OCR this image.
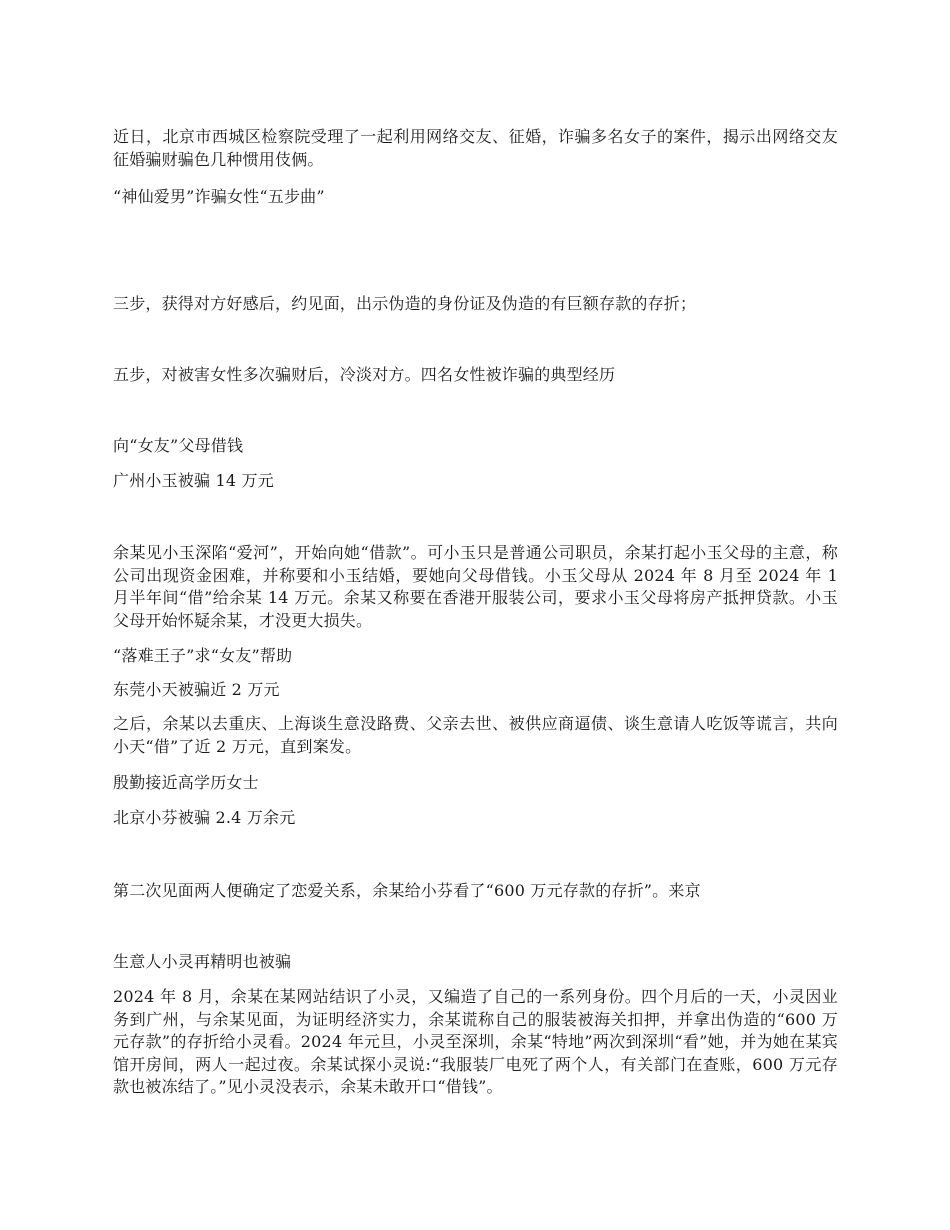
近日，北京市西城区检察院受理了一起利用网络交友、征婚，诈骗多名女子的案件，揭示出网络交友征婚骗财骗色几种惯用伎俩。

“神仙爱男”诈骗女性“五步曲”

三步，获得对方好感后，约见面，出示伪造的身份证及伪造的有巨额存款的存折；

五步，对被害女性多次骗财后，冷淡对方。四名女性被诈骗的典型经历

向“女友”父母借钱

广州小玉被骗 14 万元

余某见小玉深陷“爱河”，开始向她“借款”。可小玉只是普通公司职员，余某打起小玉父母的主意，称公司出现资金困难，并称要和小玉结婚，要她向父母借钱。小玉父母从 2024 年 8 月至 2024 年 1 月半年间“借”给余某 14 万元。余某又称要在香港开服装公司，要求小玉父母将房产抵押贷款。小玉父母开始怀疑余某，才没更大损失。

“落难王子”求“女友”帮助

东莞小天被骗近 2 万元

之后，余某以去重庆、上海谈生意没路费、父亲去世、被供应商逼债、谈生意请人吃饭等谎言，共向小天“借”了近 2 万元，直到案发。

殷勤接近高学历女士

北京小芬被骗 2.4 万余元

第二次见面两人便确定了恋爱关系，余某给小芬看了“600 万元存款的存折”。来京

生意人小灵再精明也被骗

2024 年 8 月，余某在某网站结识了小灵，又编造了自己的一系列身份。四个月后的一天，小灵因业务到广州，与余某见面，为证明经济实力，余某谎称自己的服装被海关扣押，并拿出伪造的“600 万元存款”的存折给小灵看。2024 年元旦，小灵至深圳，余某“特地”两次到深圳“看”她，并为她在某宾馆开房间，两人一起过夜。余某试探小灵说:“我服装厂电死了两个人，有关部门在查账，600 万元存款也被冻结了。”见小灵没表示，余某未敢开口“借钱”。
